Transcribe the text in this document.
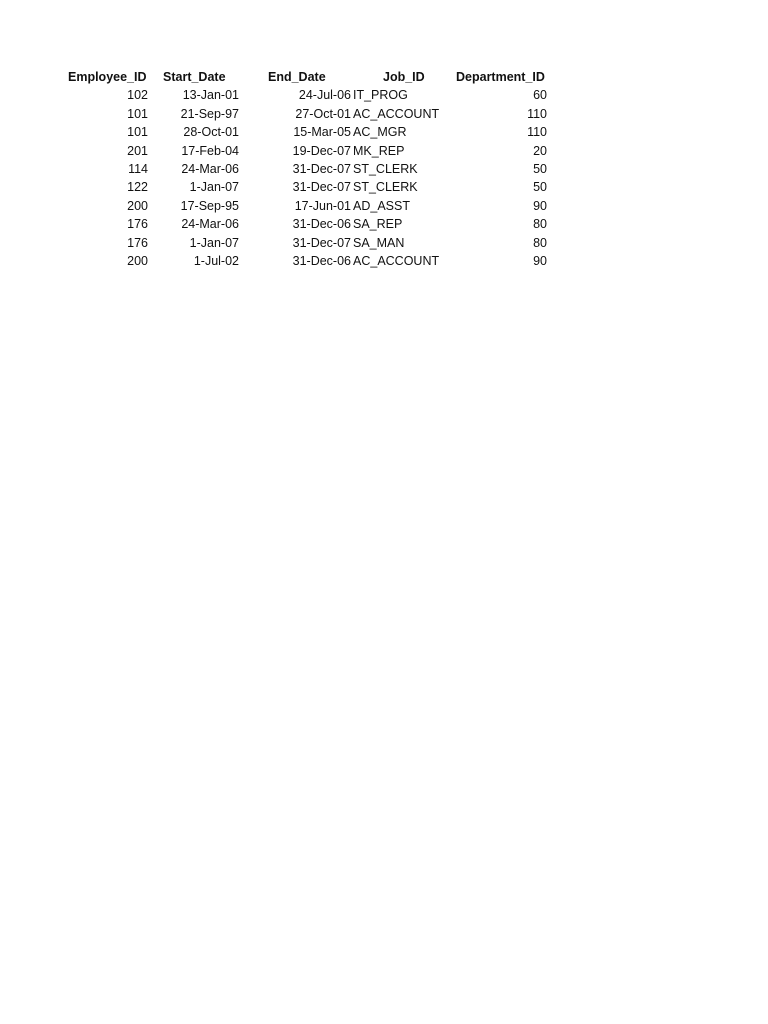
Employee_ID Start_Date	End_Date	Job_ID	Department_ID
102	13-Jan-01	24-Jul-06 IT_PROG	60
101	21-Sep-97	27-Oct-01 AC_ACCOUNT	110
101	28-Oct-01	15-Mar-05 AC_MGR	110
201	17-Feb-04	19-Dec-07 MK_REP	20
114	24-Mar-06	31-Dec-07 ST_CLERK	50
122	1-Jan-07	31-Dec-07 ST_CLERK	50
200	17-Sep-95	17-Jun-01 AD_ASST	90
176	24-Mar-06	31-Dec-06 SA_REP	80
176	1-Jan-07	31-Dec-07 SA_MAN	80
200	1-Jul-02	31-Dec-06 AC_ACCOUNT	90
